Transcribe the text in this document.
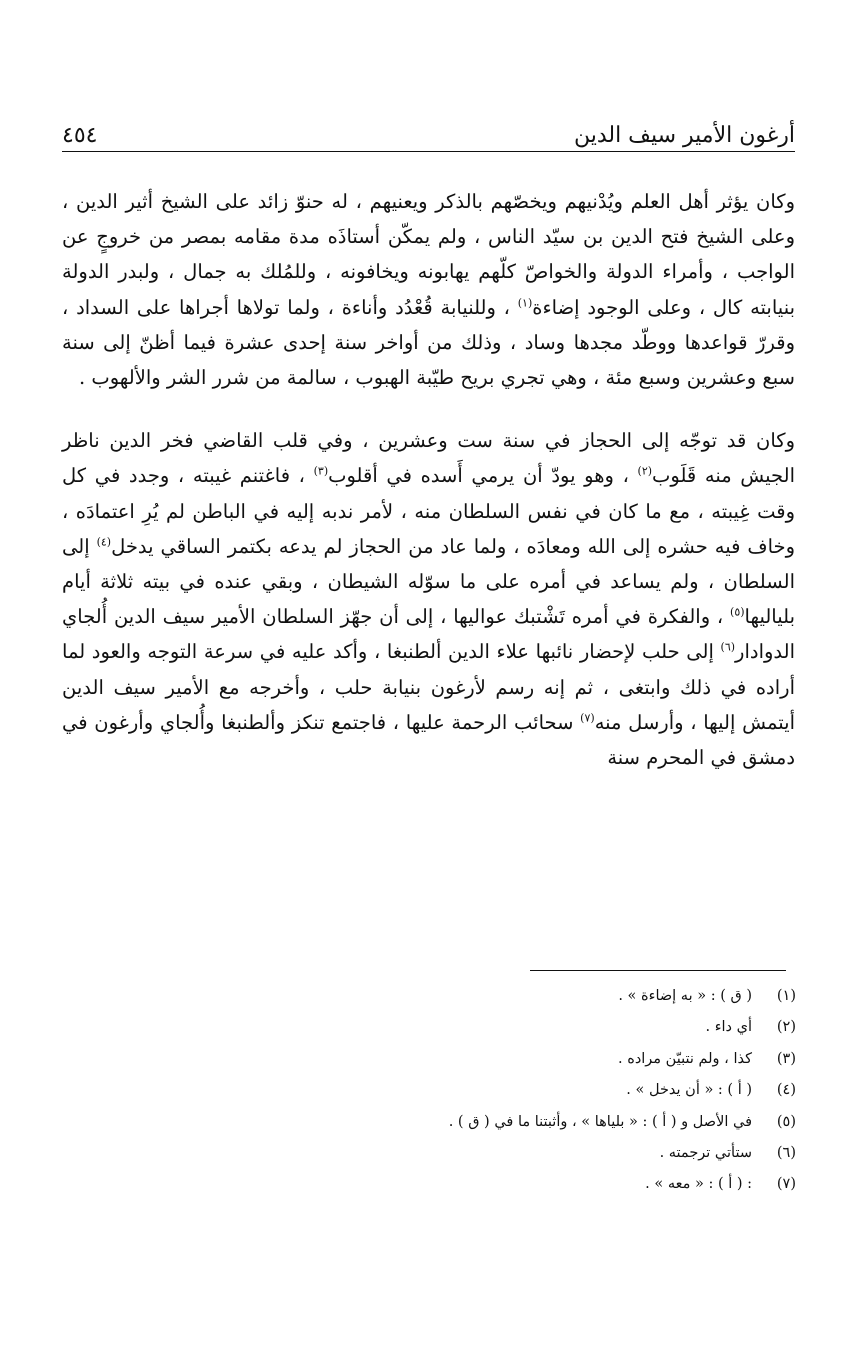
أرغون الأمير سيف الدين
٤٥٤

وكان يؤثر أهل العلم ويُدْنيهم ويخصّهم بالذكر ويعنيهم ، له حنوّ زائد على الشيخ أثير الدين ، وعلى الشيخ فتح الدين بن سيّد الناس ، ولم يمكّن أستاذَه مدة مقامه بمصر من خروجٍ عن الواجب ، وأمراء الدولة والخواصّ كلّهم يهابونه ويخافونه ، وللمُلك به جمال ، ولبدر الدولة بنيابته كال ، وعلى الوجود إضاءة$^{(١)}$ ، وللنيابة قُعْدُد وأناءة ، ولما تولاها أجراها على السداد ، وقررّ قواعدها ووطّد مجدها وساد ، وذلك من أواخر سنة إحدى عشرة فيما أظنّ إلى سنة سبع وعشرين وسبع مئة ، وهي تجري بريح طيّبة الهبوب ، سالمة من شرر الشر والألهوب .

وكان قد توجّه إلى الحجاز في سنة ست وعشرين ، وفي قلب القاضي فخر الدين ناظر الجيش منه قَلَوب$^{(٢)}$ ، وهو يودّ أن يرمي أَسده في أقلوب$^{(٣)}$ ، فاغتنم غيبته ، وجدد في كل وقت غِيبته ، مع ما كان في نفس السلطان منه ، لأمر ندبه إليه في الباطن لم يُرِ اعتمادَه ، وخاف فيه حشره إلى الله ومعادَه ، ولما عاد من الحجاز لم يدعه بكتمر الساقي يدخل$^{(٤)}$ إلى السلطان ، ولم يساعد في أمره على ما سوّله الشيطان ، وبقي عنده في بيته ثلاثة أيام بلياليها$^{(٥)}$ ، والفكرة في أمره تَشْتبك عواليها ، إلى أن جهّز السلطان الأمير سيف الدين أُلجاي الدوادار$^{(٦)}$ إلى حلب لإحضار نائبها علاء الدين ألطنبغا ، وأكد عليه في سرعة التوجه والعود لما أراده في ذلك وابتغى ، ثم إنه رسم لأرغون بنيابة حلب ، وأخرجه مع الأمير سيف الدين أيتمش إليها ، وأرسل منه$^{(٧)}$ سحائب الرحمة عليها ، فاجتمع تنكز وألطنبغا وأُلجاي وأرغون في دمشق في المحرم سنة

(١)
( ق ) : « به إضاءة » .
(٢)
أي داء .
(٣)
كذا ، ولم نتبيّن مراده .
(٤)
( أ ) : « أن يدخل » .
(٥)
في الأصل و ( أ ) : « بلياها » ، وأثبتنا ما في ( ق ) .
(٦)
ستأتي ترجمته .
(٧)
: ( أ ) : « معه » .
